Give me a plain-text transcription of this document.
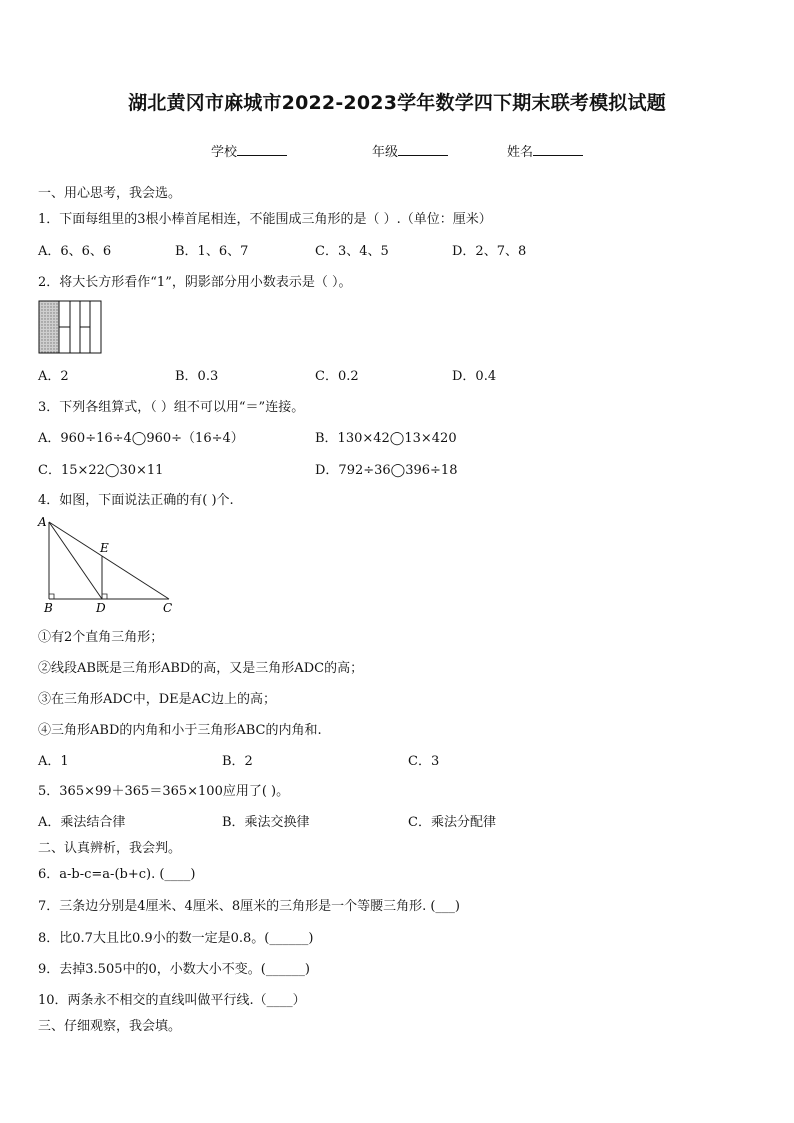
湖北黄冈市麻城市2022-2023学年数学四下期末联考模拟试题
学校	年级	姓名
一、用心思考，我会选。
1．下面每组里的3根小棒首尾相连，不能围成三角形的是（ ）.（单位：厘米）
A．6、6、6	B．1、6、7	C．3、4、5	D．2、7、8
2．将大长方形看作“1”，阴影部分用小数表示是（ ）。
A．2	B．0.3	C．0.2	D．0.4
3．下列各组算式，（ ）组不可以用“＝”连接。
A．960÷16÷4◯960÷（16÷4）	B．130×42◯13×420
C．15×22◯30×11	D．792÷36◯396÷18
4．如图，下面说法正确的有( )个.
A
E
B	D	C
①有2个直角三角形；
②线段AB既是三角形ABD的高，又是三角形ADC的高；
③在三角形ADC中，DE是AC边上的高；
④三角形ABD的内角和小于三角形ABC的内角和.
A．1	B．2	C．3
5．365×99＋365＝365×100应用了( )。
A．乘法结合律	B．乘法交换律	C．乘法分配律
二、认真辨析，我会判。
6．a-b-c=a-(b+c). (____)
7．三条边分别是4厘米、4厘米、8厘米的三角形是一个等腰三角形. (___)
8．比0.7大且比0.9小的数一定是0.8。(______)
9．去掉3.505中的0，小数大小不变。(______)
10．两条永不相交的直线叫做平行线.（____）
三、仔细观察，我会填。
